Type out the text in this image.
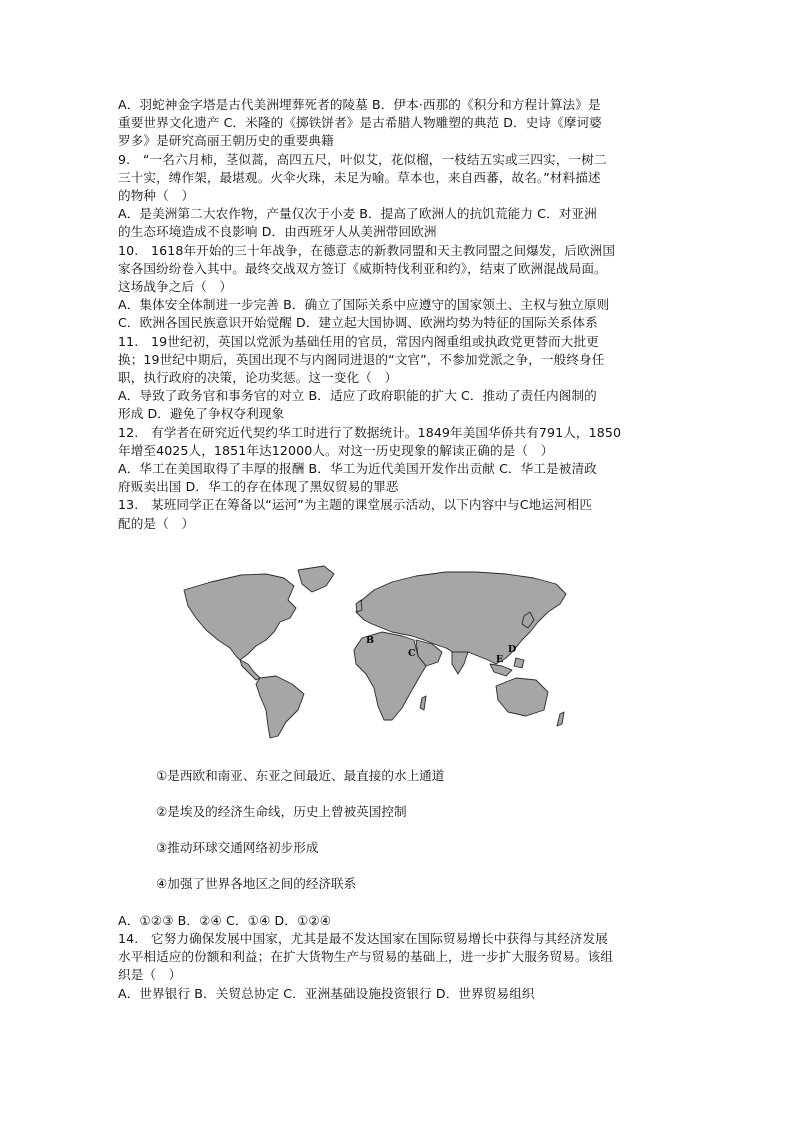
A．羽蛇神金字塔是古代美洲埋葬死者的陵墓 B．伊本·西那的《积分和方程计算法》是

重要世界文化遗产 C．米隆的《掷铁饼者》是古希腊人物雕塑的典范 D．史诗《摩诃婆

罗多》是研究高丽王朝历史的重要典籍

9.　“一名六月柿，茎似蒿，高四五尺，叶似艾，花似榴，一枝结五实或三四实，一树二

三十实，缚作架，最堪观。火伞火珠，未足为喻。草本也，来自西蕃，故名。”材料描述

的物种（　）

A．是美洲第二大农作物，产量仅次于小麦 B．提高了欧洲人的抗饥荒能力 C．对亚洲

的生态环境造成不良影响 D．由西班牙人从美洲带回欧洲

10.　1618年开始的三十年战争，在德意志的新教同盟和天主教同盟之间爆发，后欧洲国

家各国纷纷卷入其中。最终交战双方签订《威斯特伐利亚和约》，结束了欧洲混战局面。

这场战争之后（　）

A．集体安全体制进一步完善 B．确立了国际关系中应遵守的国家领土、主权与独立原则

C．欧洲各国民族意识开始觉醒 D．建立起大国协调、欧洲均势为特征的国际关系体系

11.　19世纪初，英国以党派为基础任用的官员，常因内阁重组或执政党更替而大批更

换；19世纪中期后，英国出现不与内阁同进退的“文官”，不参加党派之争，一般终身任

职，执行政府的决策，论功奖惩。这一变化（　）

A．导致了政务官和事务官的对立 B．适应了政府职能的扩大 C．推动了责任内阁制的

形成 D．避免了争权夺利现象

12.　有学者在研究近代契约华工时进行了数据统计。1849年美国华侨共有791人，1850

年增至4025人，1851年达12000人。对这一历史现象的解读正确的是（　）

A．华工在美国取得了丰厚的报酬 B．华工为近代美国开发作出贡献 C．华工是被清政

府贩卖出国 D．华工的存在体现了黑奴贸易的罪恶

13.　某班同学正在筹备以“运河”为主题的课堂展示活动，以下内容中与C地运河相匹

配的是（　）

B
C	D
E

①是西欧和南亚、东亚之间最近、最直接的水上通道

②是埃及的经济生命线，历史上曾被英国控制

③推动环球交通网络初步形成

④加强了世界各地区之间的经济联系

A．①②③ B．②④ C．①④ D．①②④

14.　它努力确保发展中国家，尤其是最不发达国家在国际贸易增长中获得与其经济发展

水平相适应的份额和利益；在扩大货物生产与贸易的基础上，进一步扩大服务贸易。该组

织是（　）

A．世界银行 B．关贸总协定 C．亚洲基础设施投资银行 D．世界贸易组织
